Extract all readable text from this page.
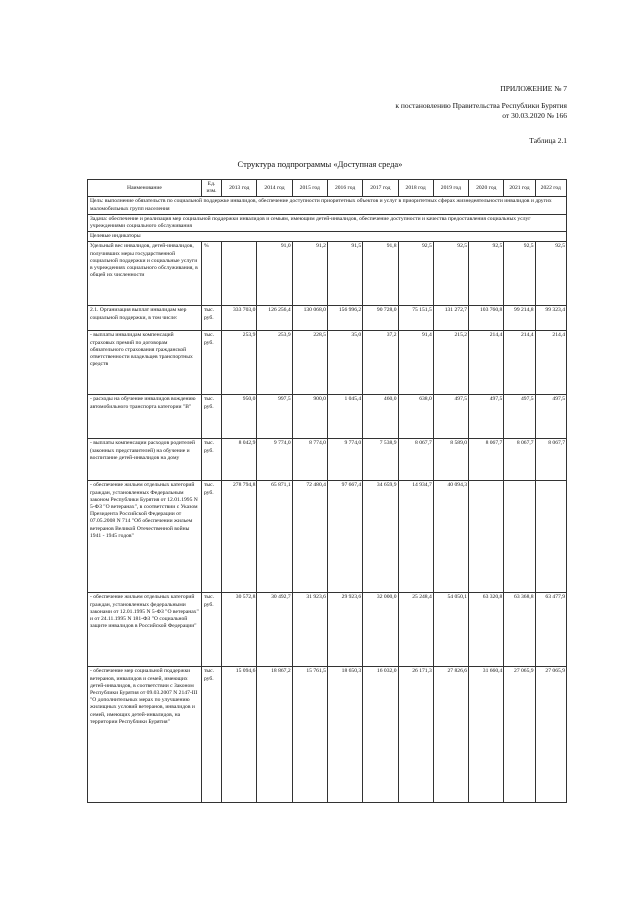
ПРИЛОЖЕНИЕ № 7
к постановлению Правительства Республики Бурятия
от 30.03.2020 № 166
Таблица 2.1
Структура подпрограммы «Доступная среда»
Наименование	Ед. изм.	2013 год	2014 год	2015 год	2016 год	2017 год	2018 год	2019 год	2020 год	2021 год	2022 год
Цель: выполнение обязательств по социальной поддержке инвалидов, обеспечение доступности приоритетных объектов и услуг в приоритетных сферах жизнедеятельности инвалидов и других маломобильных групп населения											
Задача: обеспечение и реализация мер социальной поддержки инвалидов и семьям, имеющим детей-инвалидов, обеспечение доступности и качества предоставления социальных услуг учреждениями социального обслуживания											
Целевые индикаторы											
Удельный вес инвалидов, детей-инвалидов, получивших меры государственной социальной поддержки и социальные услуги в учреждениях социального обслуживания, в общей их численности	%		91,0	91,2	91,5	91,8	92,5	92,5	92,5	92,5	92,5
2.1. Организация выплат инвалидам мер социальной поддержки, в том числе:	тыс. руб.	333 703,0	126 256,4	130 068,0	156 996,2	90 728,0	75 151,5	131 272,7	103 760,8	99 214,8	99 323,4
- выплаты инвалидам компенсаций страховых премий по договорам обязательного страхования гражданской ответственности владельцев транспортных средств	тыс. руб.	253,9	253,9	228,5	35,0	37,2	91,4	215,2	214,4	214,4	214,4
- расходы на обучение инвалидов вождению автомобильного транспорта категории "B"	тыс. руб.	950,0	997,5	900,0	1 045,4	460,0	638,0	497,5	497,5	497,5	497,5
- выплаты компенсации расходов родителей (законных представителей) на обучение и воспитание детей-инвалидов на дому	тыс. руб.	8 042,9	9 774,0	8 774,0	9 774,0	7 538,9	8 067,7	8 589,0	8 067,7	8 067,7	8 067,7
- обеспечение жильем отдельных категорий граждан, установленных Федеральным законом Республики Бурятия от 12.01.1995 N 5-ФЗ "О ветеранах", в соответствии с Указом Президента Российской Федерации от 07.05.2008 N 714 "Об обеспечении жильем ветеранов Великой Отечественной войны 1941 - 1945 годов"	тыс. руб.	278 794,8	65 871,1	72 480,4	97 667,4	34 659,9	14 934,7	40 094,3			
- обеспечение жильем отдельных категорий граждан, установленных федеральными законами от 12.01.1995 N 5-ФЗ "О ветеранах" и от 24.11.1995 N 181-ФЗ "О социальной защите инвалидов в Российской Федерации"	тыс. руб.	30 572,8	30 492,7	31 923,6	29 923,6	32 000,0	25 248,4	54 050,1	63 320,8	63 368,8	63 477,9
- обеспечение мер социальной поддержки ветеранов, инвалидов и семей, имеющих детей-инвалидов, в соответствии с Законом Республики Бурятия от 09.03.2007 N 2147-III "О дополнительных мерах по улучшению жилищных условий ветеранов, инвалидов и семей, имеющих детей-инвалидов, на территории Республики Бурятия"	тыс. руб.	15 094,6	18 867,2	15 761,5	18 650,3	16 032,0	26 171,3	27 826,6	31 660,4	27 065,9	27 065,9
